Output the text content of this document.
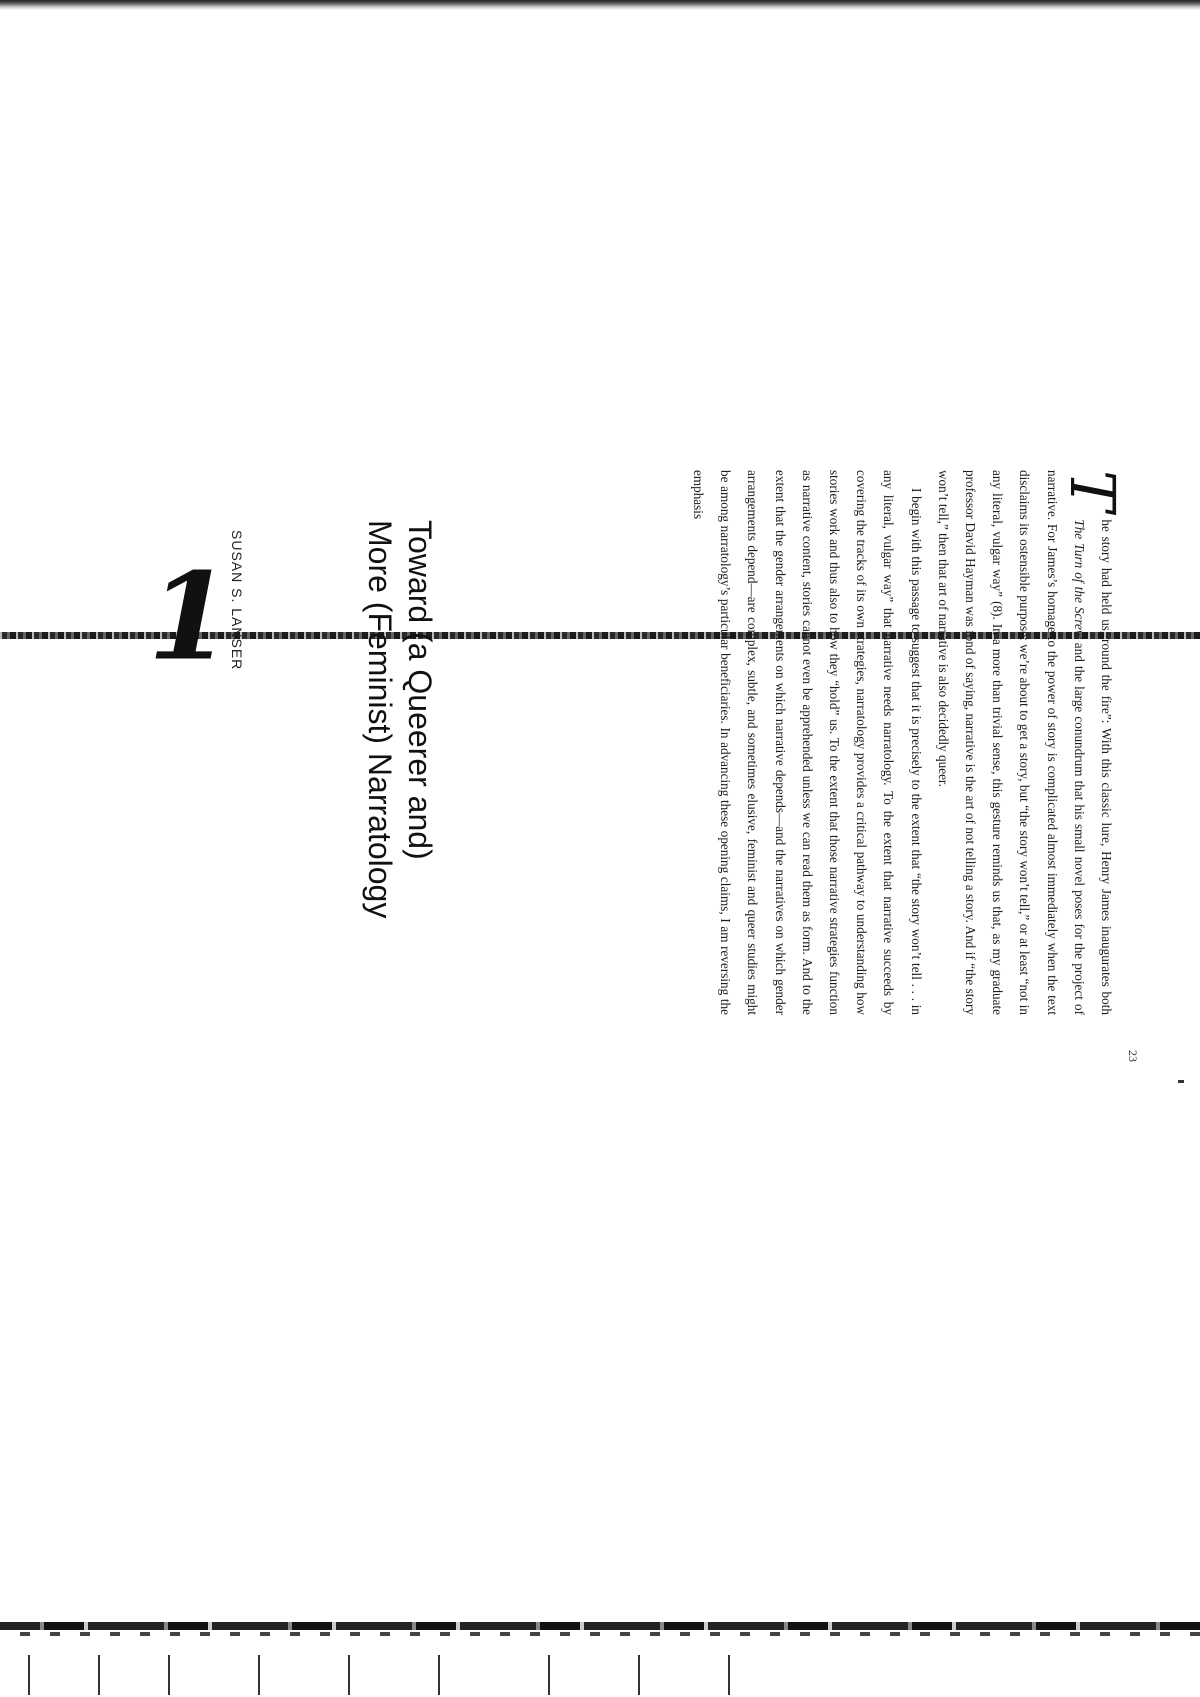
1
SUSAN S. LANSER	Toward (a Queerer and)
More (Feminist) Narratology

T
he story had held us, round the fire”: With this classic lure, Henry James inaugurates both The Turn of the Screw and the large conundrum that his small novel poses for the project of narrative. For James’s homage to the power of story is complicated almost immediately when the text disclaims its ostensible purpose: we’re about to get a story, but “the story won’t tell,” or at least “not in any literal, vulgar way” (8). In a more than trivial sense, this gesture reminds us that, as my graduate professor David Hayman was fond of saying, narrative is the art of not telling a story. And if “the story won’t tell,” then that art of narrative is also decidedly queer.

I begin with this passage to suggest that it is precisely to the extent that “the story won’t tell . . . in any literal, vulgar way” that narrative needs narratology. To the extent that narrative succeeds by covering the tracks of its own strategies, narratology provides a critical pathway to understanding how stories work and thus also to how they “hold” us. To the extent that those narrative strategies function as narrative content, stories cannot even be apprehended unless we can read them as form. And to the extent that the gender arrangements on which narrative depends—and the narratives on which gender arrangements depend—are complex, subtle, and sometimes elusive, feminist and queer studies might be among narratology’s particular beneficiaries. In advancing these opening claims, I am reversing the emphasis

23
